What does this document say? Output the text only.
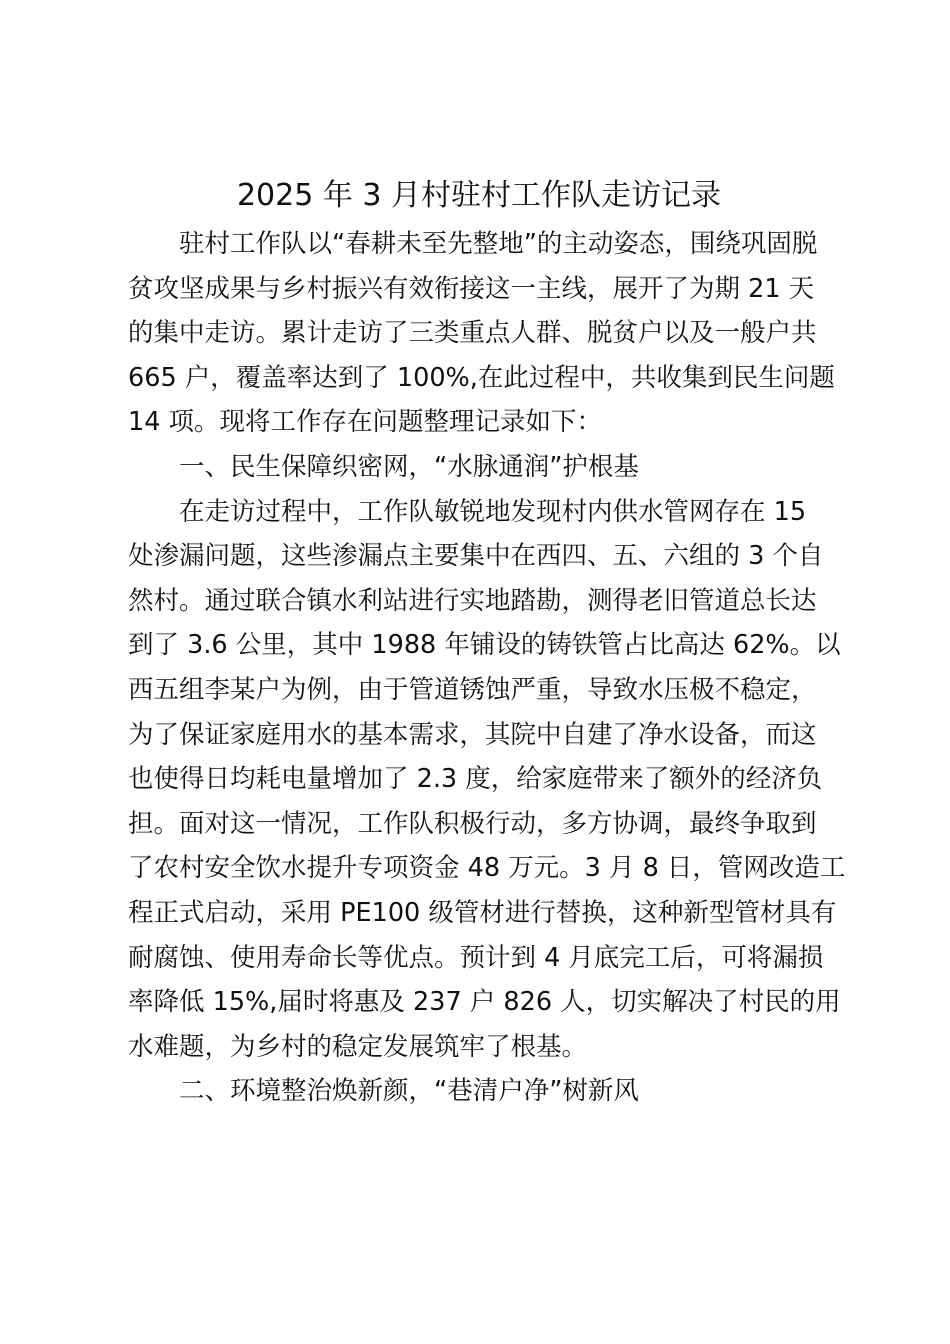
2025 年 3 月村驻村工作队走访记录

驻村工作队以“春耕未至先整地”的主动姿态，围绕巩固脱

贫攻坚成果与乡村振兴有效衔接这一主线，展开了为期 21 天

的集中走访。累计走访了三类重点人群、脱贫户以及一般户共

665 户，覆盖率达到了 100%,在此过程中，共收集到民生问题

14 项。现将工作存在问题整理记录如下：

一、民生保障织密网，“水脉通润”护根基

在走访过程中，工作队敏锐地发现村内供水管网存在 15

处渗漏问题，这些渗漏点主要集中在西四、五、六组的 3 个自

然村。通过联合镇水利站进行实地踏勘，测得老旧管道总长达

到了 3.6 公里，其中 1988 年铺设的铸铁管占比高达 62%。以

西五组李某户为例，由于管道锈蚀严重，导致水压极不稳定，

为了保证家庭用水的基本需求，其院中自建了净水设备，而这

也使得日均耗电量增加了 2.3 度，给家庭带来了额外的经济负

担。面对这一情况，工作队积极行动，多方协调，最终争取到

了农村安全饮水提升专项资金 48 万元。3 月 8 日，管网改造工

程正式启动，采用 PE100 级管材进行替换，这种新型管材具有

耐腐蚀、使用寿命长等优点。预计到 4 月底完工后，可将漏损

率降低 15%,届时将惠及 237 户 826 人，切实解决了村民的用

水难题，为乡村的稳定发展筑牢了根基。

二、环境整治焕新颜，“巷清户净”树新风
